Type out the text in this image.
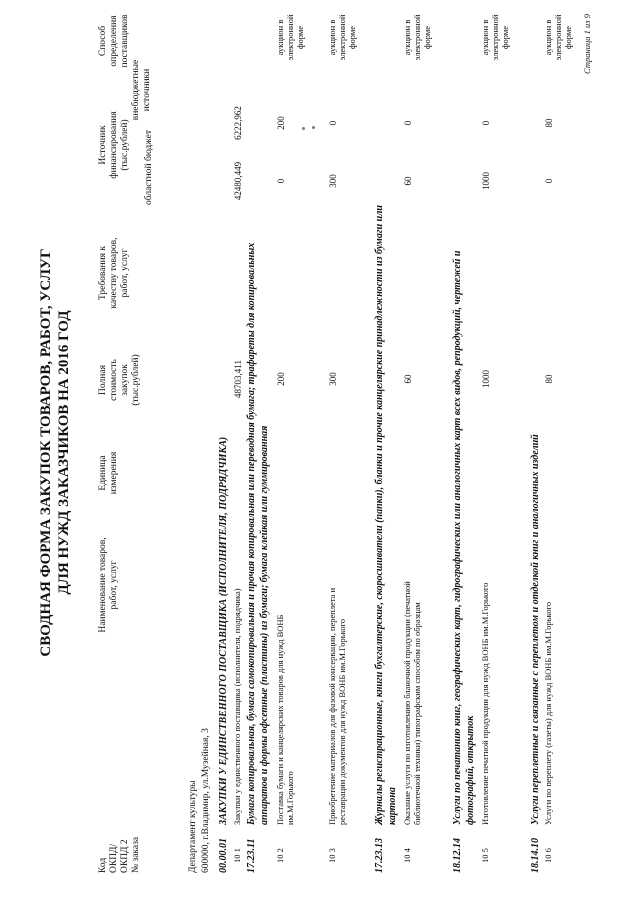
СВОДНАЯ ФОРМА ЗАКУПОК ТОВАРОВ, РАБОТ, УСЛУГ ДЛЯ НУЖД ЗАКАЗЧИКОВ НА 2016 ГОД
Код ОКПД/ ОКПД 2 № заказа
Наименование товаров, работ, услуг
Единица измерения
Полная стоимость закупок (тыс.рублей)
Требования к качеству товаров, работ, услуг
Источник финансирования (тыс.рублей) областной бюджет
внебюджетные источники
Способ определения поставщиков
Департамент культуры 600000, г.Владимир, ул.Музейная, 3 00.00.01
ЗАКУПКИ У ЕДИНСТВЕННОГО ПОСТАВЩИКА (ИСПОЛНИТЕЛЯ, ПОДРЯДЧИКА)
10 1
Закупки у единственного поставщика (исполнителя, подрядчика)
48703,411
42480,449
6222,962
17.23.11
Бумага копировальная, бумага самокопировальная и прочая копировальная или переводная бумага; трафареты для копировальных аппаратов и формы офсетные (пластины) из бумаги; бумага клейкая или гуммированная
10 2
Поставка бумаги и канцелярских товаров для нужд ВОНБ им.М.Горького
200
0
200
аукцион в электронной форме
10 3
Приобретение материалов для фазовой консервации, переплета и реставрации документов для нужд ВОНБ им.М.Горького
300
300
0
аукцион в электронной форме
17.23.13
Журналы регистрационные, книги бухгалтерские, скоросшиватели (папки), бланки и прочие канцелярские принадлежности из бумаги или картона
10 4
Оказание услуги по изготовлению бланочной продукции (печатной библиотечной техники) типографским способом по образцам
60
60
0
аукцион в электронной форме
18.12.14
Услуги по печатанию книг, географических карт, гидрографических или аналогичных карт всех видов, репродукций, чертежей и фотографий, открыток
10 5
Изготовление печатной продукции для нужд ВОНБ им.М.Горького
1000
1000
0
аукцион в электронной форме
18.14.10
Услуги переплетные и связанные с переплетом и отделкой книг и аналогичных изделий
10 6
Услуги по переплету (газеты) для нужд ВОНБ им.М.Горького
80
0
80
аукцион в электронной форме Страница 1 из 9
